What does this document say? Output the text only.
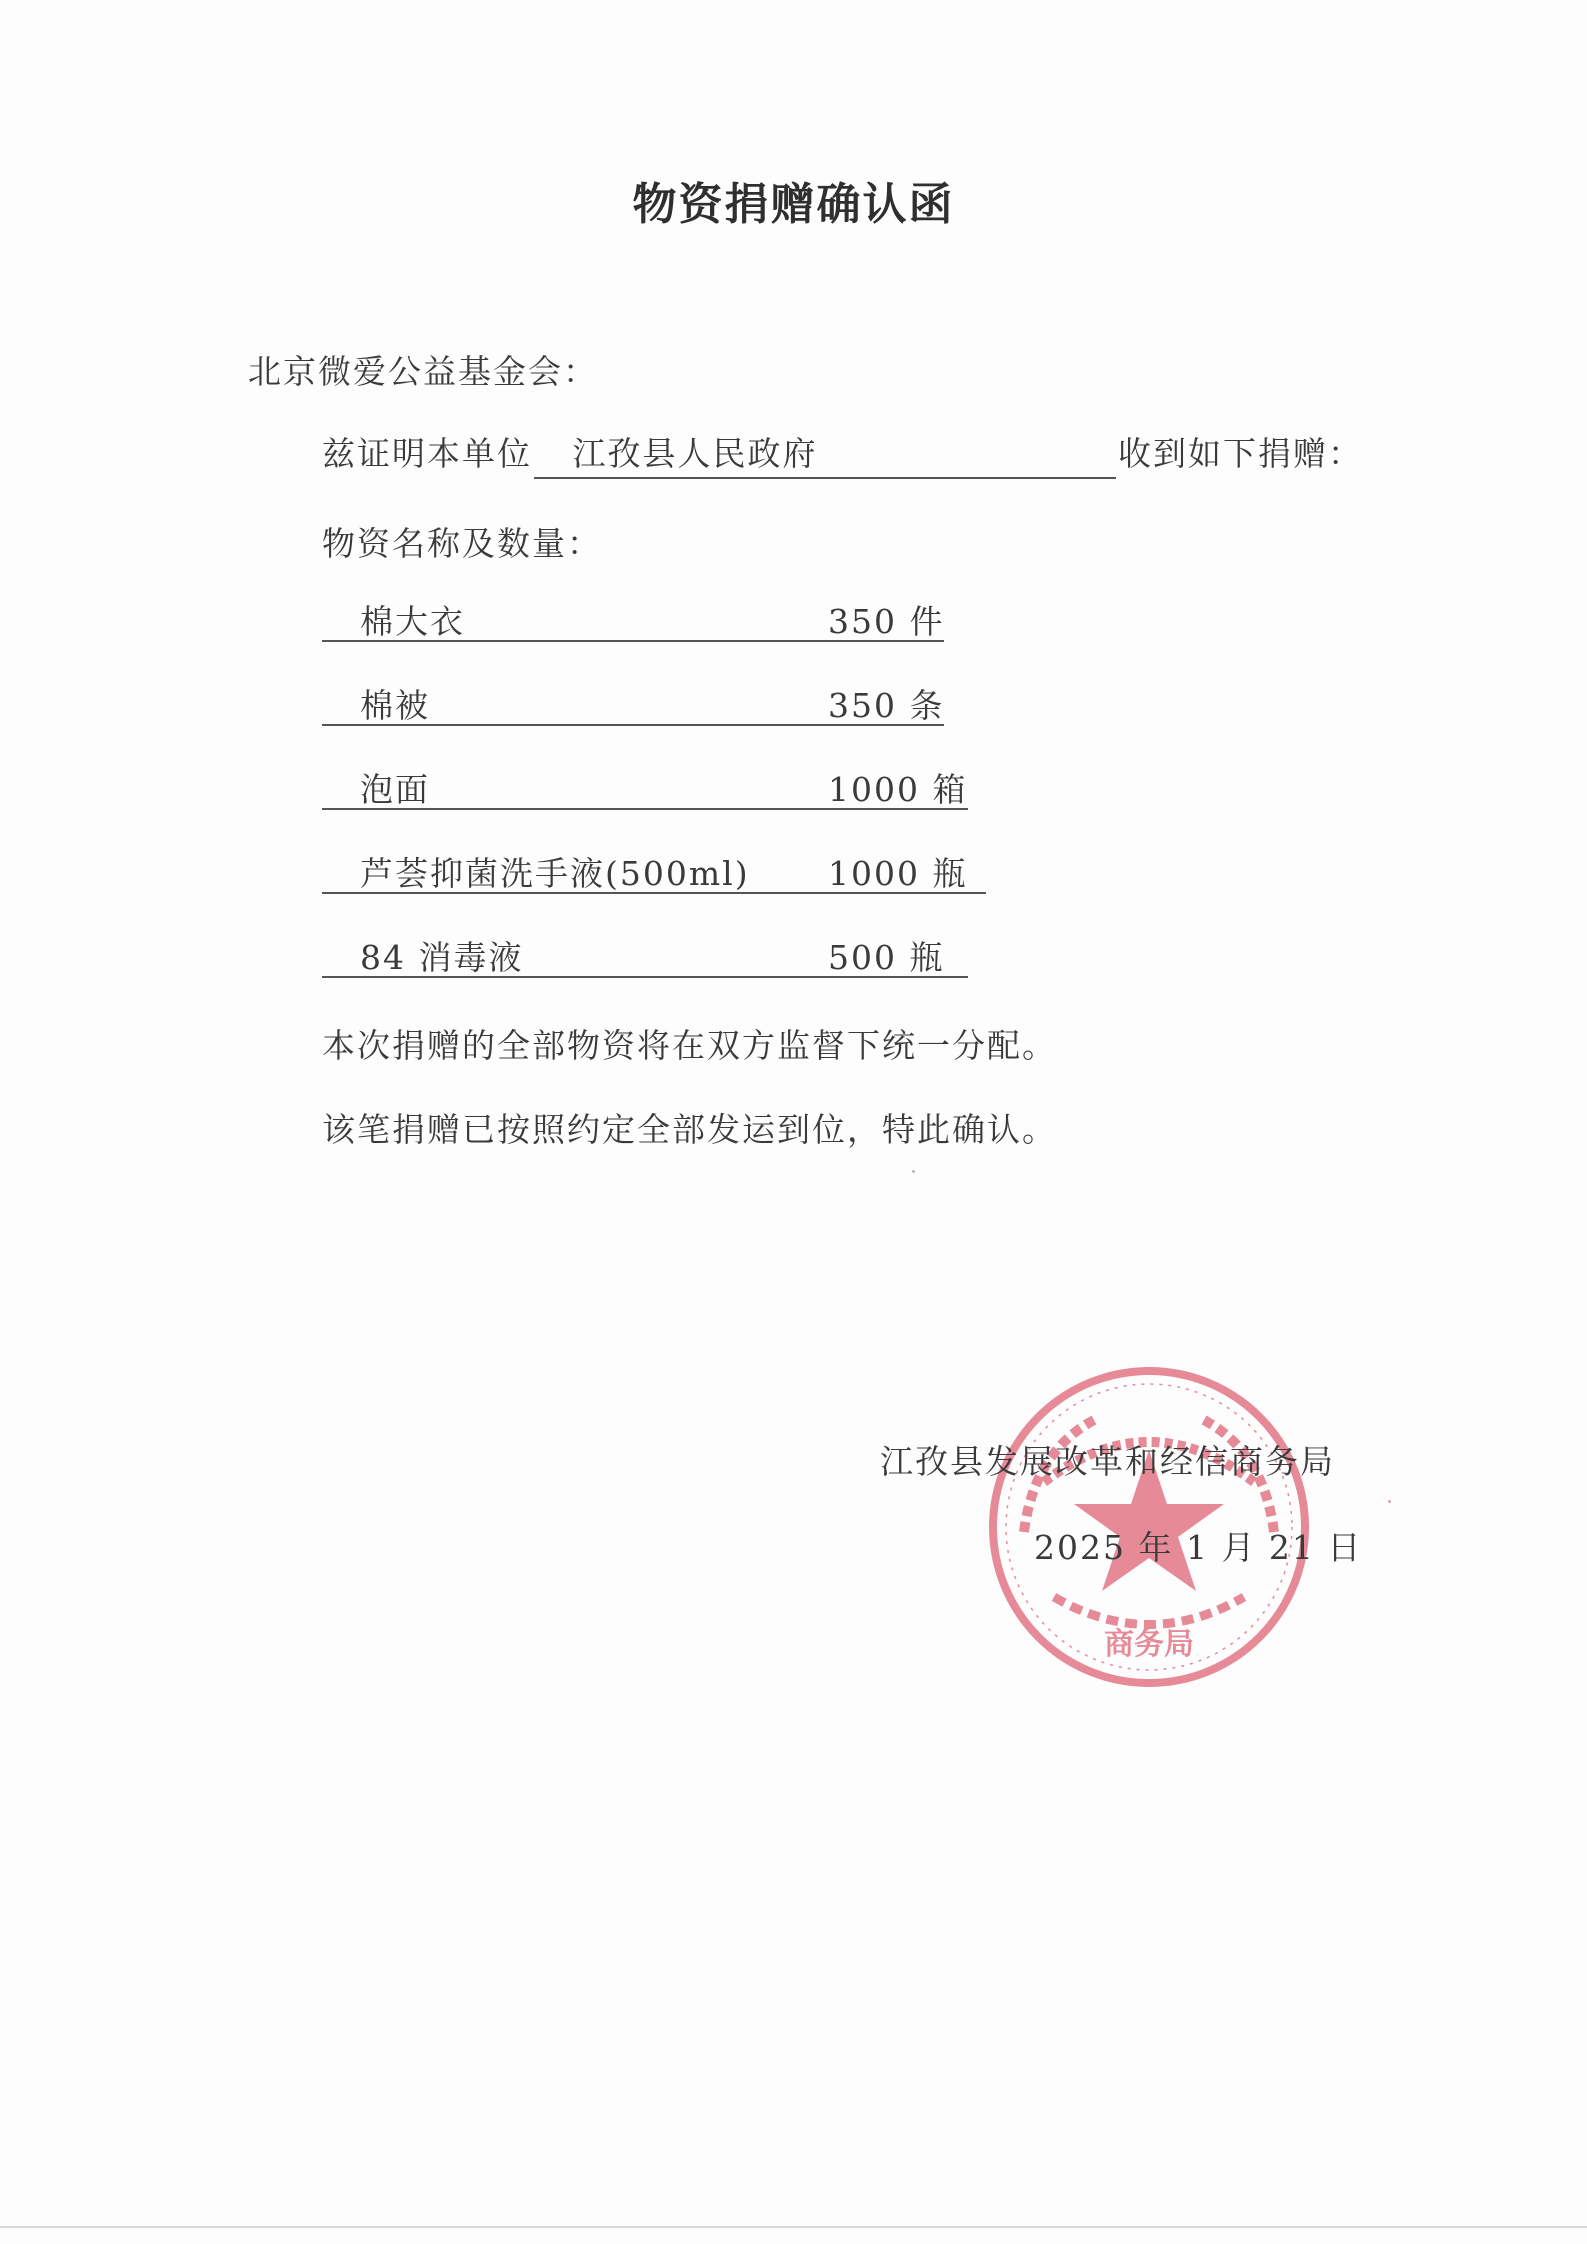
物资捐赠确认函
北京微爱公益基金会：
兹证明本单位 江孜县人民政府	收到如下捐赠：
物资名称及数量：
棉大衣	350 件
棉被	350 条
泡面	1000 箱
芦荟抑菌洗手液(500ml) 1000 瓶
84 消毒液	500 瓶
本次捐赠的全部物资将在双方监督下统一分配。
该笔捐赠已按照约定全部发运到位，特此确认。
商务局
江孜县发展改革和经信商务局
2025 年 1 月 21 日
